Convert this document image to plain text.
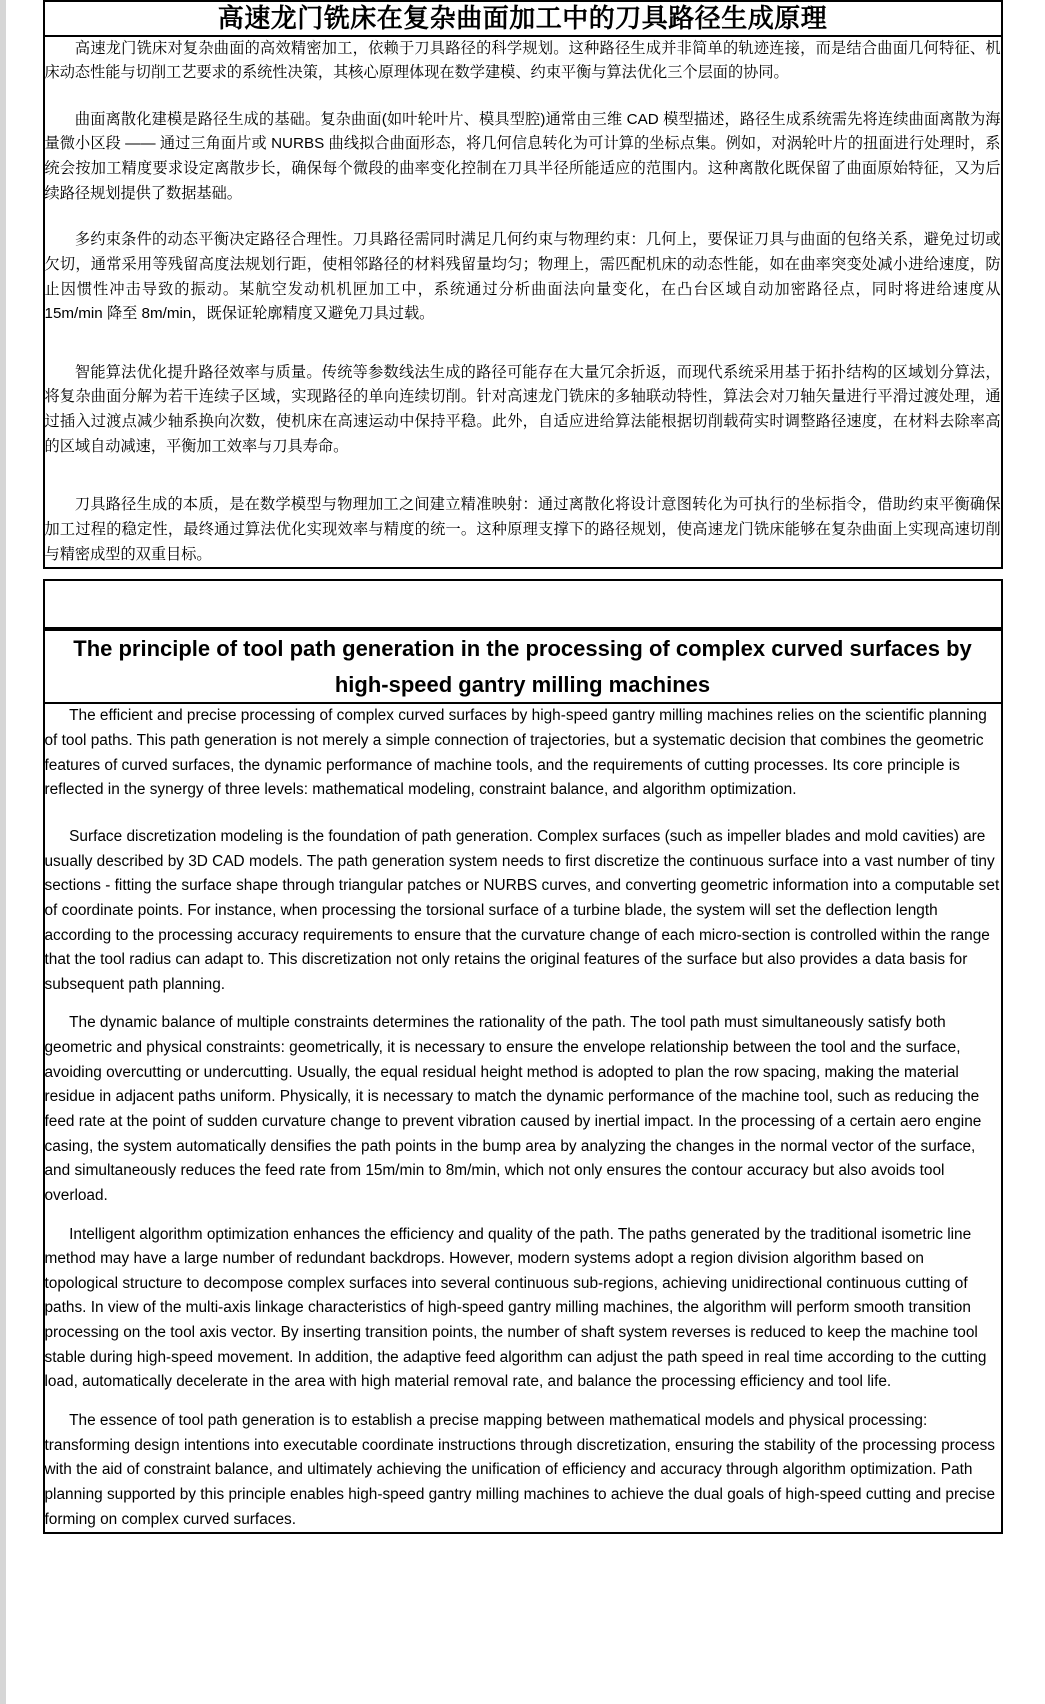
高速龙门铣床在复杂曲面加工中的刀具路径生成原理

高速龙门铣床对复杂曲面的高效精密加工，依赖于刀具路径的科学规划。这种路径生成并非简单的轨迹连接，而是结合曲面几何特征、机床动态性能与切削工艺要求的系统性决策，其核心原理体现在数学建模、约束平衡与算法优化三个层面的协同。

曲面离散化建模是路径生成的基础。复杂曲面(如叶轮叶片、模具型腔)通常由三维 CAD 模型描述，路径生成系统需先将连续曲面离散为海量微小区段 —— 通过三角面片或 NURBS 曲线拟合曲面形态，将几何信息转化为可计算的坐标点集。例如，对涡轮叶片的扭面进行处理时，系统会按加工精度要求设定离散步长，确保每个微段的曲率变化控制在刀具半径所能适应的范围内。这种离散化既保留了曲面原始特征，又为后续路径规划提供了数据基础。

多约束条件的动态平衡决定路径合理性。刀具路径需同时满足几何约束与物理约束：几何上，要保证刀具与曲面的包络关系，避免过切或欠切，通常采用等残留高度法规划行距，使相邻路径的材料残留量均匀；物理上，需匹配机床的动态性能，如在曲率突变处减小进给速度，防止因惯性冲击导致的振动。某航空发动机机匣加工中，系统通过分析曲面法向量变化，在凸台区域自动加密路径点，同时将进给速度从 15m/min 降至 8m/min，既保证轮廓精度又避免刀具过载。

智能算法优化提升路径效率与质量。传统等参数线法生成的路径可能存在大量冗余折返，而现代系统采用基于拓扑结构的区域划分算法，将复杂曲面分解为若干连续子区域，实现路径的单向连续切削。针对高速龙门铣床的多轴联动特性，算法会对刀轴矢量进行平滑过渡处理，通过插入过渡点减少轴系换向次数，使机床在高速运动中保持平稳。此外，自适应进给算法能根据切削载荷实时调整路径速度，在材料去除率高的区域自动减速，平衡加工效率与刀具寿命。

刀具路径生成的本质，是在数学模型与物理加工之间建立精准映射：通过离散化将设计意图转化为可执行的坐标指令，借助约束平衡确保加工过程的稳定性，最终通过算法优化实现效率与精度的统一。这种原理支撑下的路径规划，使高速龙门铣床能够在复杂曲面上实现高速切削与精密成型的双重目标。

The principle of tool path generation in the processing of complex curved surfaces by high-speed gantry milling machines

The efficient and precise processing of complex curved surfaces by high-speed gantry milling machines relies on the scientific planning of tool paths. This path generation is not merely a simple connection of trajectories, but a systematic decision that combines the geometric features of curved surfaces, the dynamic performance of machine tools, and the requirements of cutting processes. Its core principle is reflected in the synergy of three levels: mathematical modeling, constraint balance, and algorithm optimization.

Surface discretization modeling is the foundation of path generation. Complex surfaces (such as impeller blades and mold cavities) are usually described by 3D CAD models. The path generation system needs to first discretize the continuous surface into a vast number of tiny sections - fitting the surface shape through triangular patches or NURBS curves, and converting geometric information into a computable set of coordinate points. For instance, when processing the torsional surface of a turbine blade, the system will set the deflection length according to the processing accuracy requirements to ensure that the curvature change of each micro-section is controlled within the range that the tool radius can adapt to. This discretization not only retains the original features of the surface but also provides a data basis for subsequent path planning.

The dynamic balance of multiple constraints determines the rationality of the path. The tool path must simultaneously satisfy both geometric and physical constraints: geometrically, it is necessary to ensure the envelope relationship between the tool and the surface, avoiding overcutting or undercutting. Usually, the equal residual height method is adopted to plan the row spacing, making the material residue in adjacent paths uniform. Physically, it is necessary to match the dynamic performance of the machine tool, such as reducing the feed rate at the point of sudden curvature change to prevent vibration caused by inertial impact. In the processing of a certain aero engine casing, the system automatically densifies the path points in the bump area by analyzing the changes in the normal vector of the surface, and simultaneously reduces the feed rate from 15m/min to 8m/min, which not only ensures the contour accuracy but also avoids tool overload.

Intelligent algorithm optimization enhances the efficiency and quality of the path. The paths generated by the traditional isometric line method may have a large number of redundant backdrops. However, modern systems adopt a region division algorithm based on topological structure to decompose complex surfaces into several continuous sub-regions, achieving unidirectional continuous cutting of paths. In view of the multi-axis linkage characteristics of high-speed gantry milling machines, the algorithm will perform smooth transition processing on the tool axis vector. By inserting transition points, the number of shaft system reverses is reduced to keep the machine tool stable during high-speed movement. In addition, the adaptive feed algorithm can adjust the path speed in real time according to the cutting load, automatically decelerate in the area with high material removal rate, and balance the processing efficiency and tool life.

The essence of tool path generation is to establish a precise mapping between mathematical models and physical processing: transforming design intentions into executable coordinate instructions through discretization, ensuring the stability of the processing process with the aid of constraint balance, and ultimately achieving the unification of efficiency and accuracy through algorithm optimization. Path planning supported by this principle enables high-speed gantry milling machines to achieve the dual goals of high-speed cutting and precise forming on complex curved surfaces.
